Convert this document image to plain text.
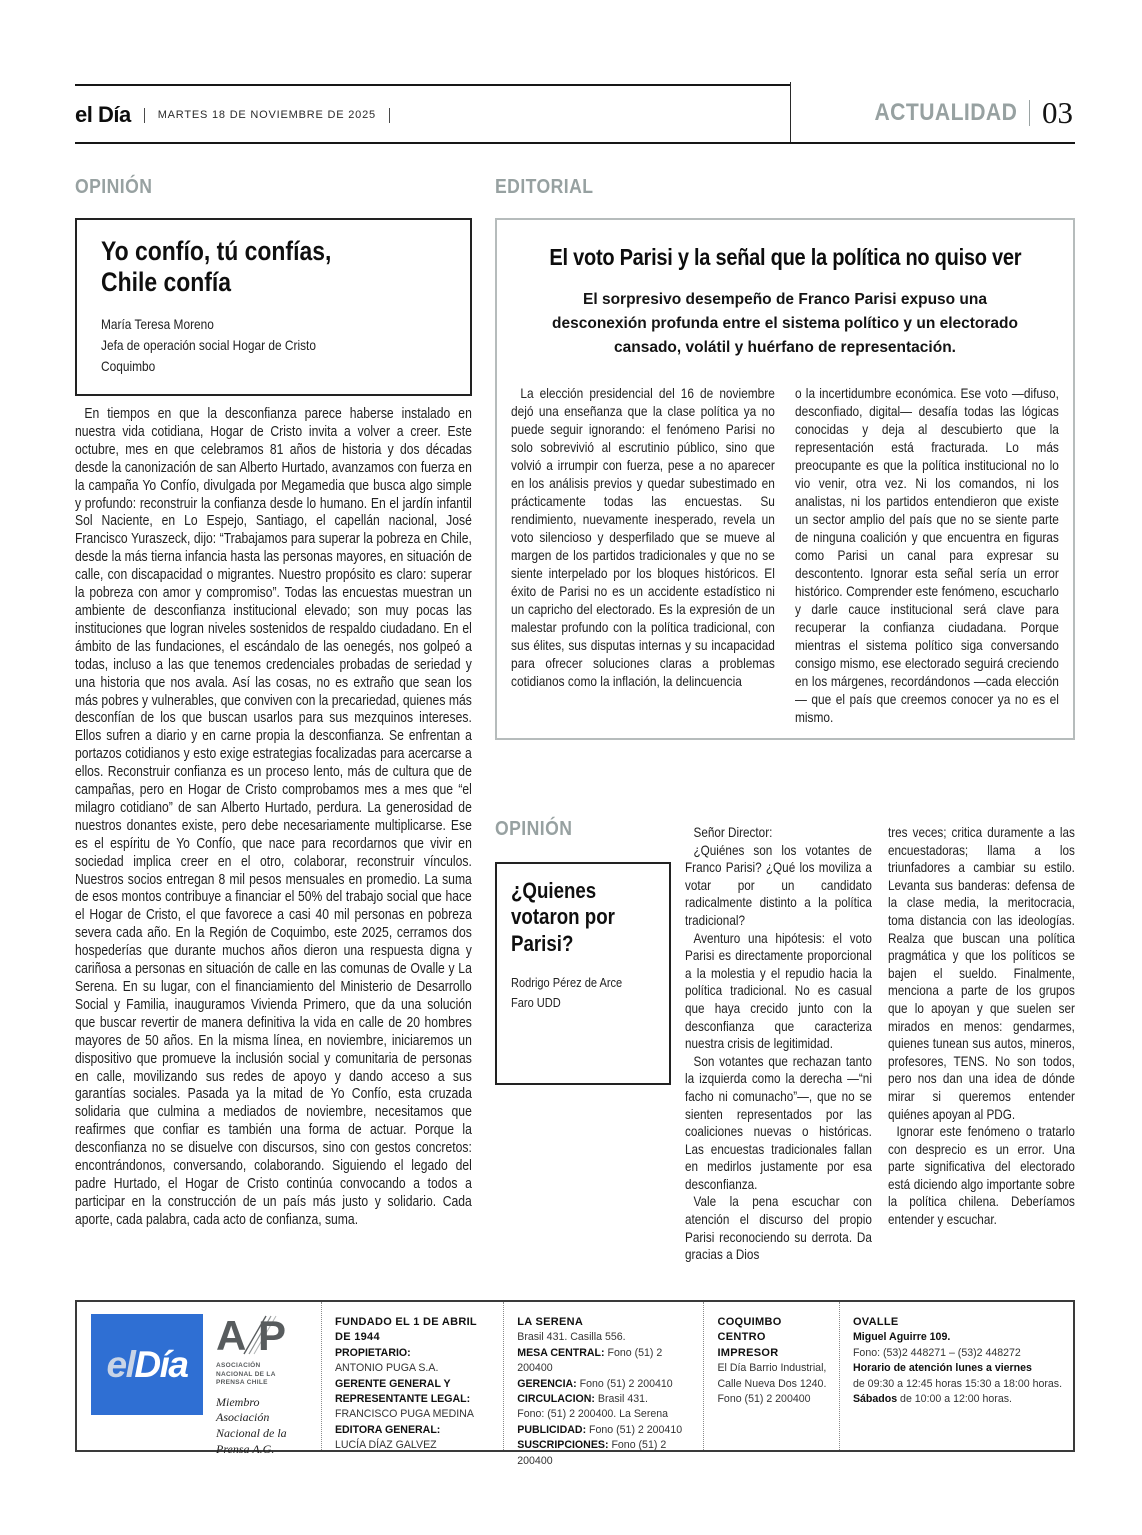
el Día MARTES 18 DE NOVIEMBRE DE 2025	ACTUALIDAD 03
OPINIÓN
Yo confío, tú confías,
Chile confía
María Teresa Moreno
Jefa de operación social Hogar de Cristo
Coquimbo

En tiempos en que la desconfianza parece haberse instalado en nuestra vida cotidiana, Hogar de Cristo invita a volver a creer. Este octubre, mes en que celebramos 81 años de historia y dos décadas desde la canonización de san Alberto Hurtado, avanzamos con fuerza en la campaña Yo Confío, divulgada por Megamedia que busca algo simple y profundo: reconstruir la confianza desde lo humano. En el jardín infantil Sol Naciente, en Lo Espejo, Santiago, el capellán nacional, José Francisco Yuraszeck, dijo: “Trabajamos para superar la pobreza en Chile, desde la más tierna infancia hasta las personas mayores, en situación de calle, con discapacidad o migrantes. Nuestro propósito es claro: superar la pobreza con amor y compromiso”. Todas las encuestas muestran un ambiente de desconfianza institucional elevado; son muy pocas las instituciones que logran niveles sostenidos de respaldo ciudadano. En el ámbito de las fundaciones, el escándalo de las oenegés, nos golpeó a todas, incluso a las que tenemos credenciales probadas de seriedad y una historia que nos avala. Así las cosas, no es extraño que sean los más pobres y vulnerables, que conviven con la precariedad, quienes más desconfían de los que buscan usarlos para sus mezquinos intereses. Ellos sufren a diario y en carne propia la desconfianza. Se enfrentan a portazos cotidianos y esto exige estrategias focalizadas para acercarse a ellos. Reconstruir confianza es un proceso lento, más de cultura que de campañas, pero en Hogar de Cristo comprobamos mes a mes que “el milagro cotidiano” de san Alberto Hurtado, perdura. La generosidad de nuestros donantes existe, pero debe necesariamente multiplicarse. Ese es el espíritu de Yo Confío, que nace para recordarnos que vivir en sociedad implica creer en el otro, colaborar, reconstruir vínculos. Nuestros socios entregan 8 mil pesos mensuales en promedio. La suma de esos montos contribuye a financiar el 50% del trabajo social que hace el Hogar de Cristo, el que favorece a casi 40 mil personas en pobreza severa cada año. En la Región de Coquimbo, este 2025, cerramos dos hospederías que durante muchos años dieron una respuesta digna y cariñosa a personas en situación de calle en las comunas de Ovalle y La Serena. En su lugar, con el financiamiento del Ministerio de Desarrollo Social y Familia, inauguramos Vivienda Primero, que da una solución que buscar revertir de manera definitiva la vida en calle de 20 hombres mayores de 50 años. En la misma línea, en noviembre, iniciaremos un dispositivo que promueve la inclusión social y comunitaria de personas en calle, movilizando sus redes de apoyo y dando acceso a sus garantías sociales. Pasada ya la mitad de Yo Confío, esta cruzada solidaria que culmina a mediados de noviembre, necesitamos que reafirmes que confiar es también una forma de actuar. Porque la desconfianza no se disuelve con discursos, sino con gestos concretos: encontrándonos, conversando, colaborando. Siguiendo el legado del padre Hurtado, el Hogar de Cristo continúa convocando a todos a participar en la construcción de un país más justo y solidario. Cada aporte, cada palabra, cada acto de confianza, suma.

EDITORIAL
El voto Parisi y la señal que la política no quiso ver
El sorpresivo desempeño de Franco Parisi expuso una desconexión profunda entre el sistema político y un electorado cansado, volátil y huérfano de representación.

La elección presidencial del 16 de noviembre dejó una enseñanza que la clase política ya no puede seguir ignorando: el fenómeno Parisi no solo sobrevivió al escrutinio público, sino que volvió a irrumpir con fuerza, pese a no aparecer en los análisis previos y quedar subestimado en prácticamente todas las encuestas. Su rendimiento, nuevamente inesperado, revela un voto silencioso y desperfilado que se mueve al margen de los partidos tradicionales y que no se siente interpelado por los bloques históricos. El éxito de Parisi no es un accidente estadístico ni un capricho del electorado. Es la expresión de un malestar profundo con la política tradicional, con sus élites, sus disputas internas y su incapacidad para ofrecer soluciones claras a problemas cotidianos como la inflación, la delincuencia

o la incertidumbre económica. Ese voto —difuso, desconfiado, digital— desafía todas las lógicas conocidas y deja al descubierto que la representación está fracturada. Lo más preocupante es que la política institucional no lo vio venir, otra vez. Ni los comandos, ni los analistas, ni los partidos entendieron que existe un sector amplio del país que no se siente parte de ninguna coalición y que encuentra en figuras como Parisi un canal para expresar su descontento. Ignorar esta señal sería un error histórico. Comprender este fenómeno, escucharlo y darle cauce institucional será clave para recuperar la confianza ciudadana. Porque mientras el sistema político siga conversando consigo mismo, ese electorado seguirá creciendo en los márgenes, recordándonos —cada elección— que el país que creemos conocer ya no es el mismo.

OPINIÓN
¿Quienes votaron por Parisi?
Rodrigo Pérez de Arce
Faro UDD

Señor Director:

¿Quiénes son los votantes de Franco Parisi? ¿Qué los moviliza a votar por un candidato radicalmente distinto a la política tradicional?

Aventuro una hipótesis: el voto Parisi es directamente proporcional a la molestia y el repudio hacia la política tradicional. No es casual que haya crecido junto con la desconfianza que caracteriza nuestra crisis de legitimidad.

Son votantes que rechazan tanto la izquierda como la derecha —“ni facho ni comunacho”—, que no se sienten representados por las coaliciones nuevas o históricas. Las encuestas tradicionales fallan en medirlos justamente por esa desconfianza.

Vale la pena escuchar con atención el discurso del propio Parisi reconociendo su derrota. Da gracias a Dios

tres veces; critica duramente a las encuestadoras; llama a los triunfadores a cambiar su estilo. Levanta sus banderas: defensa de la clase media, la meritocracia, toma distancia con las ideologías. Realza que buscan una política pragmática y que los políticos se bajen el sueldo. Finalmente, menciona a parte de los grupos que lo apoyan y que suelen ser mirados en menos: gendarmes, quienes tunean sus autos, mineros, profesores, TENS. No son todos, pero nos dan una idea de dónde mirar si queremos entender quiénes apoyan al PDG.

Ignorar este fenómeno o tratarlo con desprecio es un error. Una parte significativa del electorado está diciendo algo importante sobre la política chilena. Deberíamos entender y escuchar.

elDía
A P
ASOCIACIÓN NACIONAL DE LA PRENSA CHILE
Miembro Asociación Nacional de la Prensa A.G.
FUNDADO EL 1 DE ABRIL DE 1944
PROPIETARIO:
ANTONIO PUGA S.A.
GERENTE GENERAL Y REPRESENTANTE LEGAL:
FRANCISCO PUGA MEDINA
EDITORA GENERAL:
LUCÍA DÍAZ GALVEZ
LA SERENA
Brasil 431. Casilla 556.
MESA CENTRAL: Fono (51) 2 200400
GERENCIA: Fono (51) 2 200410
CIRCULACION: Brasil 431.
Fono: (51) 2 200400. La Serena
PUBLICIDAD: Fono (51) 2 200410
SUSCRIPCIONES: Fono (51) 2 200400
COQUIMBO
CENTRO IMPRESOR
El Día Barrio Industrial,
Calle Nueva Dos 1240.
Fono (51) 2 200400
OVALLE
Miguel Aguirre 109.
Fono: (53)2 448271 – (53)2 448272
Horario de atención lunes a viernes
de 09:30 a 12:45 horas 15:30 a 18:00 horas.
Sábados de 10:00 a 12:00 horas.
